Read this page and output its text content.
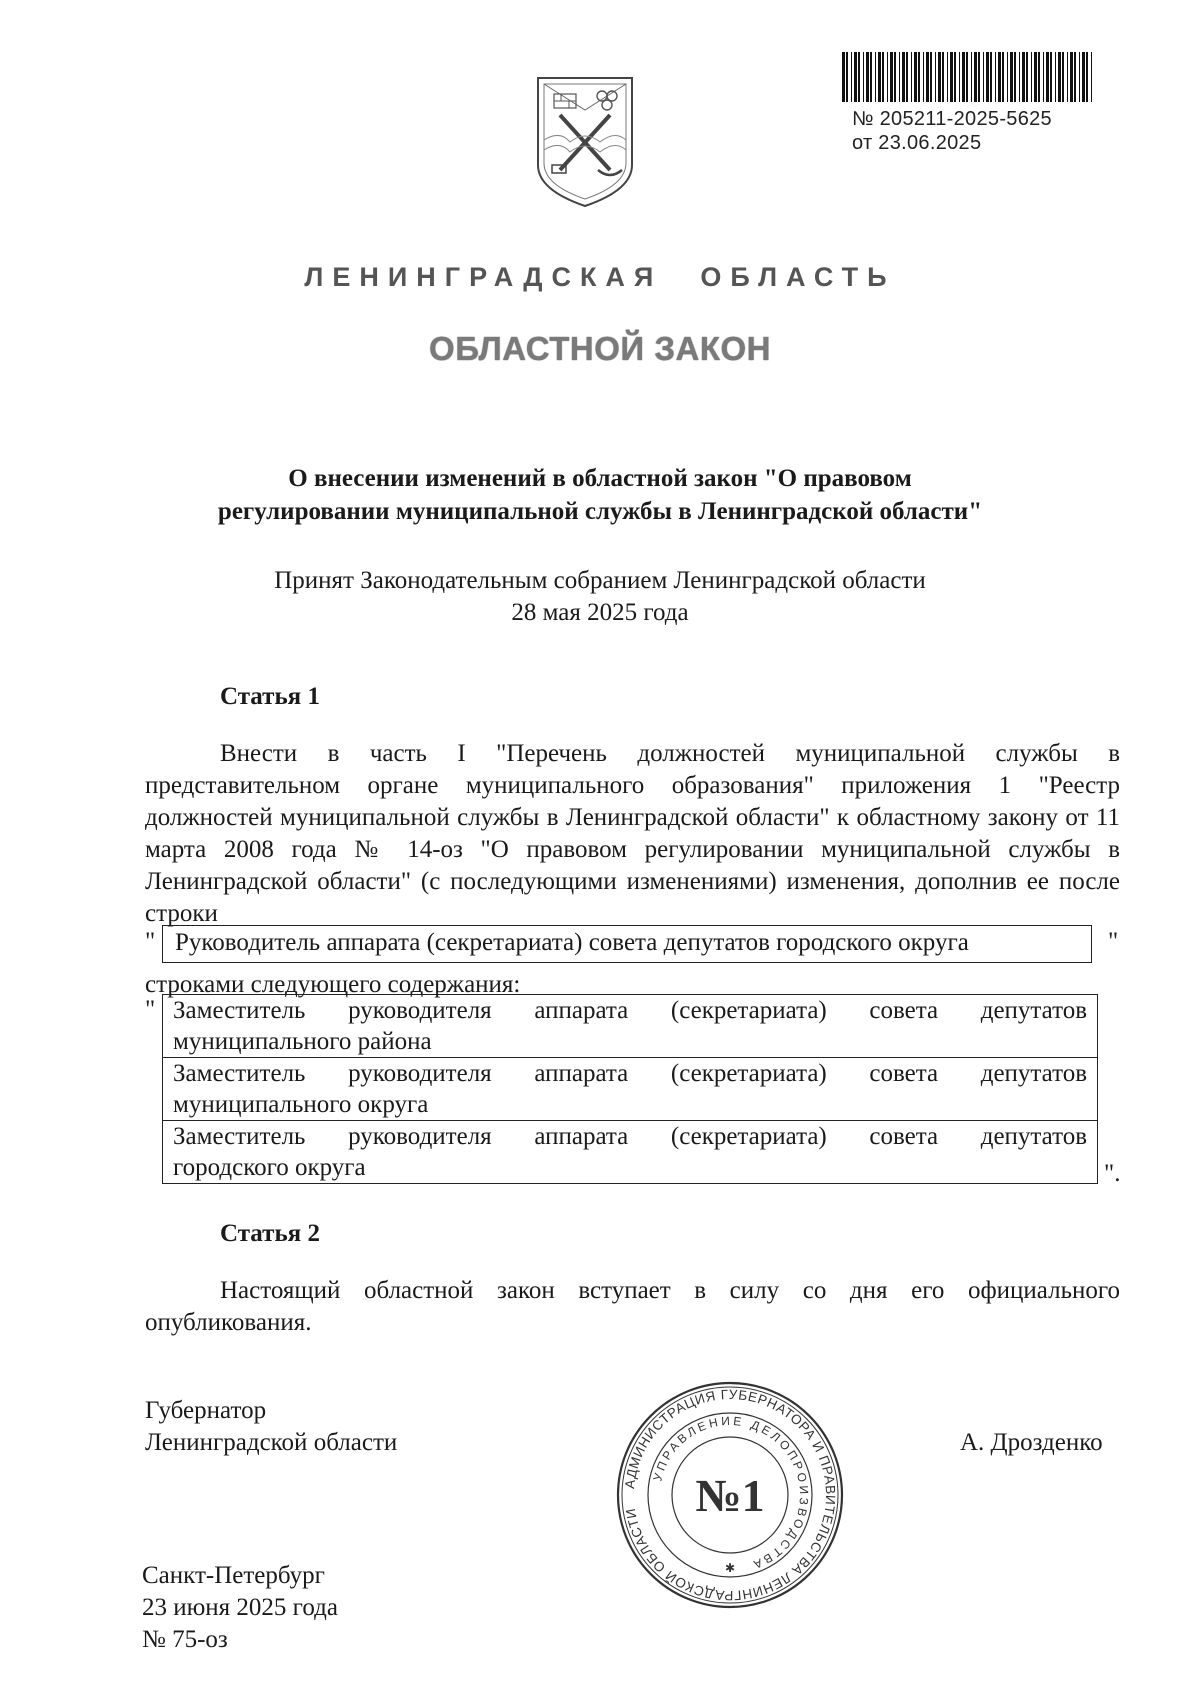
№ 205211-2025-5625
от 23.06.2025
ЛЕНИНГРАДСКАЯ ОБЛАСТЬ
ОБЛАСТНОЙ ЗАКОН
О внесении изменений в областной закон "О правовом
регулировании муниципальной службы в Ленинградской области"
Принят Законодательным собранием Ленинградской области
28 мая 2025 года
Статья 1
Внести в часть I "Перечень должностей муниципальной службы в представительном органе муниципального образования" приложения 1 "Реестр должностей муниципальной службы в Ленинградской области" к областному закону от 11 марта 2008 года № 14-оз "О правовом регулировании муниципальной службы в Ленинградской области" (с последующими изменениями) изменения, дополнив ее после строки
" Руководитель аппарата (секретариата) совета депутатов городского округа	"
строками следующего содержания:
" Заместитель руководителя аппарата (секретариата) совета депутатов
муниципального района

Заместитель руководителя аппарата (секретариата) совета депутатов
муниципального округа

Заместитель руководителя аппарата (секретариата) совета депутатов
городского округа	".
Статья 2
Настоящий областной закон вступает в силу со дня его официального опубликования.
Губернатор
Ленинградской области	А. Дрозденко
Санкт-Петербург
23 июня 2025 года
№ 75-оз
АДМИНИСТРАЦИЯ ГУБЕРНАТОРА И ПРАВИТЕЛЬСТВА ЛЕНИНГРАДСКОЙ ОБЛАСТИ
УПРАВЛЕНИЕ ДЕЛОПРОИЗВОДСТВА
№1
✱
